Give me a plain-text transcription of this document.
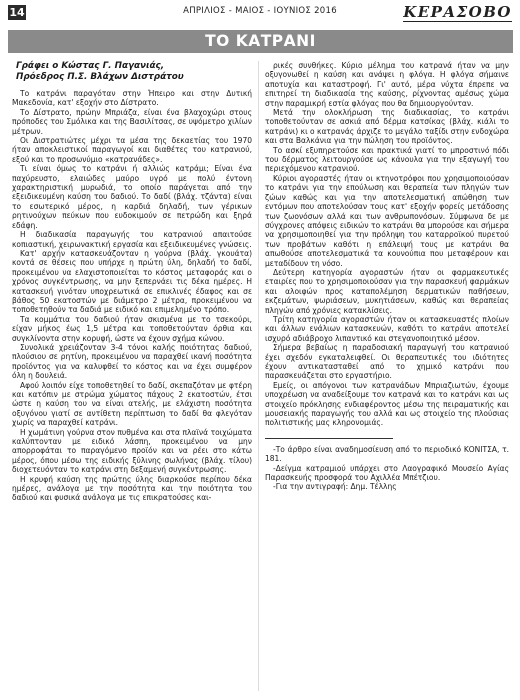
14	ΑΠΡΙΛΙΟΣ - ΜΑΙΟΣ - ΙΟΥΝΙΟΣ 2016	ΚΕΡΑΣΟΒΟ
ΤΟ ΚΑΤΡΑΝΙ
Γράφει ο Κώστας Γ. Παγανιάς,
Πρόεδρος Π.Σ. Βλάχων Διστράτου

Το κατράνι παραγόταν στην Ήπειρο και στην Δυτική Μακεδονία, κατ' εξοχήν στο Δίστρατο.

Το Δίστρατο, πρώην Μπριάζα, είναι ένα βλαχοχώρι στους πρόποδες του Σμόλικα και της Βασιλίτσας, σε υψόμετρο χιλίων μέτρων.

Οι Διστρατιώτες μέχρι τα μέσα της δεκαετίας του 1970 ήταν αποκλειστικοί παραγωγοί και διαθέτες του κατρανιού, εξού και το προσωνύμιο «κατρανάδες».

Τι είναι όμως το κατράνι ή αλλιώς κατράμι; Είναι ένα παχύρευστο, ελαιώδες μαύρο υγρό με πολύ έντονη χαρακτηριστική μυρωδιά, το οποίο παράγεται από την εξειδικευμένη καύση του δαδιού. Το δαδί (βλάχ. τζάντα) είναι το εσωτερικό μέρος, η καρδιά δηλαδή, των γέρικων ρητινούχων πεύκων που ευδοκιμούν σε πετρώδη και ξηρά εδάφη.

Η διαδικασία παραγωγής του κατρανιού απαιτούσε κοπιαστική, χειρωνακτική εργασία και εξειδικευμένες γνώσεις.

Κατ' αρχήν κατασκευάζονταν η γούρνα (βλάχ. γκουάτα) κοντά σε θέσεις που υπήρχε η πρώτη ύλη, δηλαδή το δαδί, προκειμένου να ελαχιστοποιείται το κόστος μεταφοράς και ο χρόνος συγκέντρωσης, να μην ξεπερνάει τις δέκα ημέρες. Η κατασκευή γινόταν υποχρεωτικά σε επικλινές έδαφος και σε βάθος 50 εκατοστών με διάμετρο 2 μέτρα, προκειμένου να τοποθετηθούν τα δαδιά με ειδικό και επιμελημένο τρόπο.

Τα κομμάτια του δαδιού ήταν σκισμένα με το τσεκούρι, είχαν μήκος έως 1,5 μέτρα και τοποθετούνταν όρθια και συγκλίνοντα στην κορυφή, ώστε να έχουν σχήμα κώνου.

Συνολικά χρειάζονταν 3-4 τόνοι καλής ποιότητας δαδιού, πλούσιου σε ρητίνη, προκειμένου να παραχθεί ικανή ποσότητα προϊόντος για να καλυφθεί το κόστος και να έχει συμφέρον όλη η δουλειά.

Αφού λοιπόν είχε τοποθετηθεί το δαδί, σκεπαζόταν με φτέρη και κατόπιν με στρώμα χώματος πάχους 2 εκατοστών, έτσι ώστε η καύση του να είναι ατελής, με ελάχιστη ποσότητα οξυγόνου γιατί σε αντίθετη περίπτωση το δαδί θα φλεγόταν χωρίς να παραχθεί κατράνι.

Η χωμάτινη γούρνα στον πυθμένα και στα πλαϊνά τοιχώματα καλύπτονταν με ειδικό λάσπη, προκειμένου να μην απορροφάται το παραγόμενο προϊόν και να ρέει στο κάτω μέρος, όπου μέσω της ειδικής ξύλινης σωλήνας (βλάχ. τίλου) διοχετευόνταν το κατράνι στη δεξαμενή συγκέντρωσης.

Η κρυφή καύση της πρώτης ύλης διαρκούσε περίπου δέκα ημέρες, ανάλογα με την ποσότητα και την ποιότητα του δαδιού και φυσικά ανάλογα με τις επικρατούσες και-

ρικές συνθήκες. Κύριο μέλημα του κατρανά ήταν να μην οξυγονωθεί η καύση και ανάψει η φλόγα. Η φλόγα σήμαινε αποτυχία και καταστροφή. Γι' αυτό, μέρα νύχτα έπρεπε να επιτηρεί τη διαδικασία της καύσης, ρίχνοντας αμέσως χώμα στην παραμικρή εστία φλόγας που θα δημιουργούνταν.

Μετά την ολοκλήρωση της διαδικασίας, το κατράνι τοποθετούνταν σε ασκιά από δέρμα κατσίκας (βλάχ. κιάλι το κατράνι) κι ο κατρανάς άρχιζε το μεγάλο ταξίδι στην ενδοχώρα και στα Βαλκάνια για την πώληση του προϊόντος.

Το ασκί εξυπηρετούσε και πρακτικά γιατί το μπροστινό πόδι του δέρματος λειτουργούσε ως κάνουλα για την εξαγωγή του περιεχόμενου κατρανιού.

Κύριοι αγοραστές ήταν οι κτηνοτρόφοι που χρησιμοποιούσαν το κατράνι για την επούλωση και θεραπεία των πληγών των ζώων καθώς και για την αποτελεσματική απώθηση των εντόμων που αποτελούσαν τους κατ' εξοχήν φορείς μετάδοσης των ζωονόσων αλλά και των ανθρωπονόσων. Σύμφωνα δε με σύγχρονες απόψεις ειδικών το κατράνι θα μπορούσε και σήμερα να χρησιμοποιηθεί για την πρόληψη του καταρροϊκού πυρετού των προβάτων καθότι η επάλειψή τους με κατράνι θα απωθούσε αποτελεσματικά τα κουνούπια που μεταφέρουν και μεταδίδουν τη νόσο.

Δεύτερη κατηγορία αγοραστών ήταν οι φαρμακευτικές εταιρίες που το χρησιμοποιούσαν για την παρασκευή φαρμάκων και αλοιφών προς καταπολέμηση δερματικών παθήσεων, εκζεμάτων, ψωριάσεων, μυκητιάσεων, καθώς και θεραπείας πληγών από χρόνιες κατακλίσεις.

Τρίτη κατηγορία αγοραστών ήταν οι κατασκευαστές πλοίων και άλλων ενάλιων κατασκευών, καθότι το κατράνι αποτελεί ισχυρό αδιάβροχο λιπαντικό και στεγανοποιητικό μέσον.

Σήμερα βεβαίως η παραδοσιακή παραγωγή του κατρανιού έχει σχεδόν εγκαταλειφθεί. Οι θεραπευτικές του ιδιότητες έχουν αντικατασταθεί από το χημικό κατράνι που παρασκευάζεται στο εργαστήριο.

Εμείς, οι απόγονοι των κατρανάδων Μπριαζιωτών, έχουμε υποχρέωση να αναδείξουμε τον κατρανά και το κατράνι και ως στοιχείο πρόκλησης ενδιαφέροντος μέσω της πειραματικής και μουσειακής παραγωγής του αλλά και ως στοιχείο της πλούσιας πολιτιστικής μας κληρονομιάς.

-Το άρθρο είναι αναδημοσίευση από το περιοδικό ΚΟΝΙΤΣΑ, τ. 181.

-Δείγμα κατραμιού υπάρχει στο Λαογραφικό Μουσείο Αγίας Παρασκευής προσφορά του Αχιλλέα Μπέτζιου.

-Για την αντιγραφή: Δημ. Τέλλης
